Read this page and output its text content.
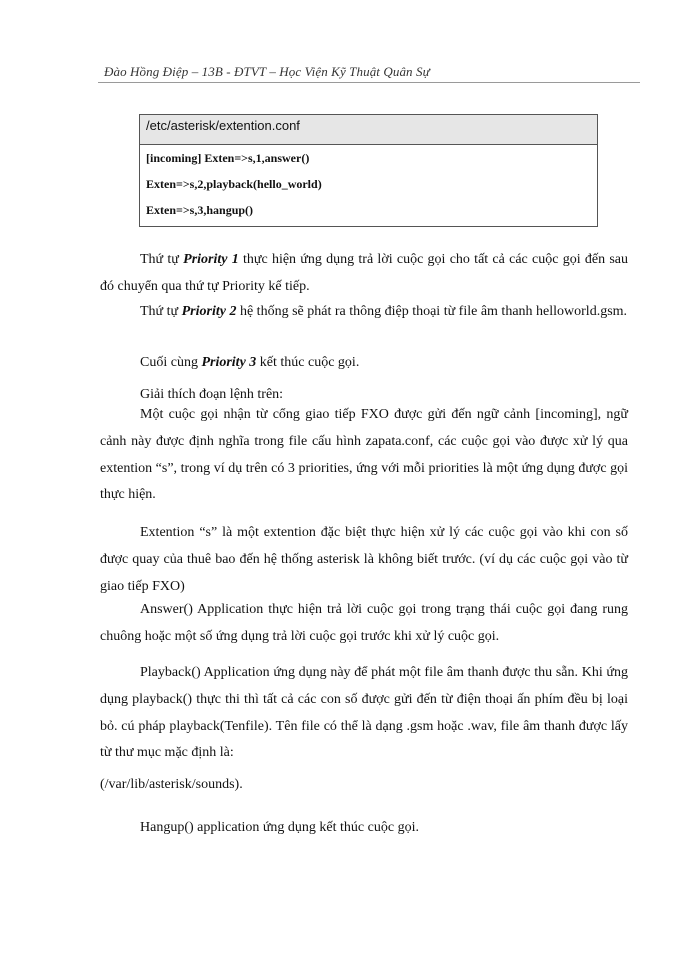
Đào Hồng Điệp – 13B - ĐTVT – Học Viện Kỹ Thuật Quân Sự
/etc/asterisk/extention.conf
[incoming] Exten=>s,1,answer()
Exten=>s,2,playback(hello_world)
Exten=>s,3,hangup()

Thứ tự Priority 1 thực hiện ứng dụng trả lời cuộc gọi cho tất cả các cuộc gọi đến sau đó chuyển qua thứ tự Priority kế tiếp.

Thứ tự Priority 2 hệ thống sẽ phát ra thông điệp thoại từ file âm thanh helloworld.gsm.

Cuối cùng Priority 3 kết thúc cuộc gọi.

Giải thích đoạn lệnh trên:

Một cuộc gọi nhận từ cổng giao tiếp FXO được gửi đến ngữ cảnh [incoming], ngữ cảnh này được định nghĩa trong file cấu hình zapata.conf, các cuộc gọi vào được xử lý qua extention “s”, trong ví dụ trên có 3 priorities, ứng với mỗi priorities là một ứng dụng được gọi thực hiện.

Extention “s” là một extention đặc biệt thực hiện xử lý các cuộc gọi vào khi con số được quay của thuê bao đến hệ thống asterisk là không biết trước. (ví dụ các cuộc gọi vào từ giao tiếp FXO)

Answer() Application thực hiện trả lời cuộc gọi trong trạng thái cuộc gọi đang rung chuông hoặc một số ứng dụng trả lời cuộc gọi trước khi xử lý cuộc gọi.

Playback() Application ứng dụng này để phát một file âm thanh được thu sẵn. Khi ứng dụng playback() thực thi thì tất cả các con số được gửi đến từ điện thoại ấn phím đều bị loại bỏ. cú pháp playback(Tenfile). Tên file có thể là dạng .gsm hoặc .wav, file âm thanh được lấy từ thư mục mặc định là:

(/var/lib/asterisk/sounds).

Hangup() application ứng dụng kết thúc cuộc gọi.
